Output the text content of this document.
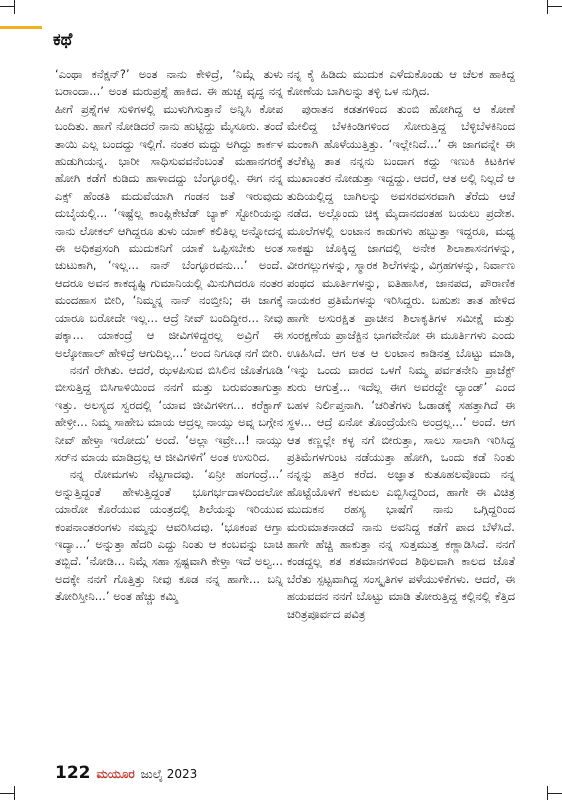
ಕಥೆ

‘ಎಂಥಾ ಕನೆಕ್ಷನ್?’ ಅಂತ ನಾನು ಕೇಳಿದ್ರೆ, ‘ನಿಮ್ಗೆ ತುಳು ಬರಾಂದಾ...’ ಅಂತ ಮರುಪ್ರಶ್ನೆ ಹಾಕಿದ. ಈ ಹುಚ್ಚ ವೃದ್ಧ ನನ್ನ ಹೀಗೆ ಪ್ರಶ್ನೆಗಳ ಸುಳಿಗಳಲ್ಲಿ ಮುಳುಗಿಸುತ್ತಾನೆ ಅನ್ನಿಸಿ ಕೋಪ ಬಂದಿತು. ಹಾಗೆ ನೋಡಿದರೆ ನಾನು ಹುಟ್ಟಿದ್ದು ಮೈಸೂರು. ತಂದೆ ತಾಯಿ ಎಲ್ಲ ಬಂದದ್ದು ಇಲ್ಲಿಗೆ. ನಂತರ ಮದ್ದು ಅಗಿದ್ದು ಕಾರ್ಕಳ ಹುಡುಗಿಯನ್ನ. ಭಾರೀ ಸಾಧಿಸುವವನೆಂಬಂತೆ ಮಹಾನಗರಕ್ಕೆ ಹೋಗಿ ಕಡೆಗೆ ಕುಡಿದು ಹಾಳಾದದ್ದು ಬೆಂಗ್ಳೂರಲ್ಲಿ. ಈಗ ನನ್ನ ಎಕ್ಸ್ ಹೆಂಡತಿ ಮದುವೆಯಾಗಿ ಗಂಡನ ಜತೆ ಇರುವುದು ದುಬೈಯಲ್ಲಿ... ‘ಇಷ್ಟೆಲ್ಲ ಕಾಂಪ್ಲಿಕೇಟೆಡ್ ಬ್ಯಾಕ್ ಸ್ಟೋರಿಯನ್ನು ನಾನು ಲೋಕಲ್ ಆಗಿದ್ದರೂ ತುಳು ಯಾಕ್ ಕಲಿತಿಲ್ಲ ಅನ್ನೋದನ್ನ ಈ ಅಧಿಕಪ್ರಸಂಗಿ ಮುದುಕನಿಗೆ ಯಾಕೆ ಒಪ್ಪಿಸಬೇಕು ಅಂತ ಚುಟುಕಾಗಿ, ‘ಇಲ್ಲ... ನಾನ್ ಬೆಂಗ್ಳೂರವನು...’ ಅಂದೆ. ಆದರೂ ಅವನ ಕಾಕದೃಷ್ಟಿ ಗುಮಾನಿಯಲ್ಲಿ ಮಿನುಗಿದರೂ ನಂತರ ಮಂದಹಾಸ ಬೀರಿ, ‘ನಿಮ್ಮನ್ನ ನಾನ್ ನಂಬ್ತೀನಿ; ಈ ಜಾಗಕ್ಕೆ ಯಾರೂ ಬರೋದೇ ಇಲ್ಲ... ಆದ್ರೆ ನೀವ್ ಬಂದಿದ್ದೀರ... ನೀವು ಪಕ್ಕಾ... ಯಾಕಂದ್ರೆ ಆ ಜೀವಿಗಳಿದ್ದರಲ್ಲ ಅವ್ರಿಗೆ ಈ ಅಲ್ಕೋಹಾಲ್ ಹೇಳಿದ್ರೆ ಆಗುದಿಲ್ಲ...’ ಅಂದ ನಿಗೂಢ ನಗೆ ಬೀರಿ.

ನನಗೆ ರೇಗಿತು. ಆದರೆ, ಝಳಪಿಸುವ ಬಿಸಿಲಿನ ಜೊತೆಗೂಡಿ ಬೀಸುತ್ತಿದ್ದ ಬಿಸಿಗಾಳಿಯಿಂದ ನನಗೆ ಮತ್ತು ಬರುವಂತಾಗುತ್ತಾ ಇತ್ತು. ಅಲಸ್ಯದ ಸ್ವರದಲ್ಲಿ ‘ಯಾವ ಜೀವಿಗಳೀಗ... ಕರೆಕ್ಟಾಗ್ ಹೇಳ್ರೀ... ನಿಮ್ಮ ಸಾಹೇಬ ಮಾಯ ಆದ್ರಲ್ಲ ನಾಯ್ಸು ಅವ್ನ ಬಗ್ಗೇನ ನೀವ್ ಹೇಳ್ತಾ ಇರೋದು’ ಅಂದೆ. ‘ಅಲ್ಲಾ ಇವ್ರೇ...! ನಾಯ್ಸು ಸರ್‌ನ ಮಾಯ ಮಾಡಿದ್ರಲ್ಲ ಆ ಜೀವಿಗಳಿಗೆ’ ಅಂತ ಉಸುರಿದ.

ನನ್ನ ರೋಮಗಳು ನೆಟ್ಟಗಾದವು. ‘ಏನ್ರೀ ಹಂಗಂದ್ರೆ...’ ಅನ್ನುತ್ತಿದ್ದಂತೆ ಹೇಳುತ್ತಿದ್ದಂತೆ ಭೂಗರ್ಭದಾಳದಿಂದಲೋ ಯಾರೋ ಕೊರೆಯುವ ಯಂತ್ರದಲ್ಲಿ ಶಿಲೆಯನ್ನು ಇರಿಯುವ ಕಂಪನಾಂತರಂಗಳು ನಮ್ಮನ್ನು ಆವರಿಸಿದವು. ‘ಭೂಕಂಪ ಆಗ್ತಾ ಇದ್ಯಾ...’ ಅನ್ನುತ್ತಾ ಹೆದರಿ ಎದ್ದು ನಿಂತು ಆ ಕಂಬವನ್ನು ಬಾಚಿ ತಬ್ಬಿದೆ. ‘ನೋಡಿ... ನಿಮ್ಗೆ ಸಹಾ ಸ್ಪಷ್ಟವಾಗಿ ಕೇಳ್ತಾ ಇದೆ ಅಲ್ವ... ಅದಕ್ಕೇ ನನಗೆ ಗೊತ್ತಿತ್ತು ನೀವು ಕೂಡ ನನ್ನ ಹಾಗೇ... ಬನ್ನಿ ತೋರಿಸ್ತೀನಿ...’ ಅಂತ ಹೆಚ್ಚು ಕಮ್ಮಿ

ನನ್ನ ಕೈ ಹಿಡಿದು ಮುದುಕ ಎಳೆದುಕೊಂಡು ಆ ಚೆಲಕ ಹಾಕಿದ್ದ ಕೋಣೆಯ ಬಾಗಿಲನ್ನು ತಳ್ಳಿ ಒಳ ನುಗ್ಗಿದ.

ಪುರಾತನ ಕಡತಗಳಿಂದ ತುಂಬಿ ಹೋಗಿದ್ದ ಆ ಕೋಣೆ ಮೇಲಿದ್ದ ಬೆಳಕಿಂಡಿಗಳಿಂದ ಸೋರುತ್ತಿದ್ದ ಬೆಳ್ಳಿಬೆಳಕಿನಿಂದ ಮಂಕಾಗಿ ಹೊಳೆಯುತ್ತಿತ್ತು. ‘ಇಲ್ಲೇನಿದೆ...’ ಈ ಜಾಗವನ್ನೇ ಈ ತಲೆಕೆಟ್ಟ ತಾತ ನನ್ನನು ಬಂದಾಗ ಕದ್ದು ಇಣುಕಿ ಕಿಟಕಿಗಳ ಮುಖಾಂತರ ನೋಡುತ್ತಾ ಇದ್ದದ್ದು. ಆದರೆ, ಆತ ಅಲ್ಲಿ ನಿಲ್ಲದೆ ಆ ತುದಿಯಲ್ಲಿದ್ದ ಬಾಗಿಲನ್ನು ಅವಸರವಸರವಾಗಿ ತೆರೆದು ಆಚೆ ನಡೆದ. ಅಲ್ಲೊಂದು ಚಿಕ್ಕ ಮೈದಾನದಂತಹ ಬಯಲು ಪ್ರದೇಶ. ಮೂಲೆಗಳಲ್ಲಿ ಲಂಟಾನ ಕಾಡುಗಳು ಹಬ್ಬುತ್ತಾ ಇದ್ದರೂ, ಮಧ್ಯ ಸಾಕಷ್ಟು ಚೊಕ್ಕಿದ್ದ ಜಾಗದಲ್ಲಿ ಅನೇಕ ಶಿಲಾಶಾಸನಗಳನ್ನು, ವೀರಗಲ್ಲುಗಳನ್ನು, ಸ್ಮಾರಕ ಶಿಲೆಗಳನ್ನು, ವಿಗ್ರಹಗಳನ್ನು, ನಿರ್ವಾಣ ಪಂಥದ ಮೂರ್ತಿಗಳನ್ನು, ಐತಿಹಾಸಿಕ, ಜಾನಪದ, ಪೌರಾಣಿಕ ನಾಯಕರ ಪ್ರತಿಮೆಗಳನ್ನು ಇರಿಸಿದ್ದರು. ಬಹುಶಃ ತಾತ ಹೇಳಿದ ಹಾಗೇ ಅಸುರಕ್ಷಿತ ಪ್ರಾಚೀನ ಶಿಲಾಕೃತಿಗಳ ಸಮೀಕ್ಷೆ ಮತ್ತು ಸಂರಕ್ಷಣೆಯ ಪ್ರಾಜೆಕ್ಟಿನ ಭಾಗವೇನೋ ಈ ಮೂರ್ತಿಗಳು ಎಂದು ಊಹಿಸಿದೆ. ಆಗ ಅತ ಆ ಲಂಟಾನ ಕಾಡಿನತ್ತ ಬೊಟ್ಟು ಮಾಡಿ, ‘ಇನ್ನು ಒಂದು ವಾರದ ಒಳಗೆ ನಿಮ್ಮ ಪರ್ವತನೇನಿ ಪ್ರಾಜೆಕ್ಟ್ ಶುರು ಆಗುತ್ತೆ... ಇದೆಲ್ಲ ಈಗ ಅವರದ್ದೇ ಲ್ಯಾಂಡ್’ ಎಂದ ಬಹಳ ನಿರ್ಲಿಪ್ತನಾಗಿ. ‘ಚರಿತೆಗಳು ಓಡಾಡಕ್ಕೆ ಸಹತ್ತಾಗಿದೆ ಈ ಸ್ಥಳ... ಆದ್ರೆ ಏನೋ ತೊಂದ್ರೆಯೇನಿ ಅಂದ್ರಲ್ಲ...’ ಅಂದೆ. ಆಗ ಆತ ಕಣ್ಣಲ್ಲೇ ಕಳ್ಳ ನಗೆ ಬೀರುತ್ತಾ, ಸಾಲು ಸಾಲಾಗಿ ಇರಿಸಿದ್ದ ಪ್ರತಿಮೆಗಳಗುಂಟ ನಡೆಯುತ್ತಾ ಹೋಗಿ, ಒಂದು ಕಡೆ ನಿಂತು ನನ್ನನ್ನು ಹತ್ತಿರ ಕರೆದ. ಅಜ್ಞಾತ ಕುತೂಹಲವೊಂದು ನನ್ನ ಹೊಟ್ಟೆಯೊಳಗೆ ಕಲಮಲ ಎಬ್ಬಿಸಿದ್ದರಿಂದ, ಹಾಗೇ ಈ ವಿಚಿತ್ರ ಮುದುಕನ ರಹಸ್ಯ ಭಾಷೆಗೆ ನಾನು ಒಗ್ಗಿದ್ದರಿಂದ ಮರುಮಾತನಾಡದೆ ನಾನು ಅವನಿದ್ದ ಕಡೆಗೆ ಪಾದ ಬೆಳೆಸಿದೆ. ಹಾಗೇ ಹೆಚ್ಚಿ ಹಾಕುತ್ತಾ ನನ್ನ ಸುತ್ತಮುತ್ತ ಕಣ್ಣಾಡಿಸಿದೆ. ನನಗೆ ಕಂಡದ್ದಲ್ಲ ಶತ ಶತಮಾನಗಳಿಂದ ಶಿಥಿಲವಾಗಿ ಕಾಲದ ಜೊತೆ ಬೆರೆತು ಸ್ಪಟ್ಟವಾಗಿದ್ದ ಸಂಸ್ಕೃತಿಗಳ ಪಳೆಯುಳಿಕೆಗಳು. ಆದರೆ, ಈ ಹಯವದನ ನನಗೆ ಬೊಟ್ಟು ಮಾಡಿ ತೋರುತ್ತಿದ್ದ ಕಲ್ಲಿನಲ್ಲಿ ಕೆತ್ತಿದ ಚರಿತ್ರಪೂರ್ವದ ಪವಿತ್ರ

122 ಮಯೂರ ಜುಲೈ 2023
